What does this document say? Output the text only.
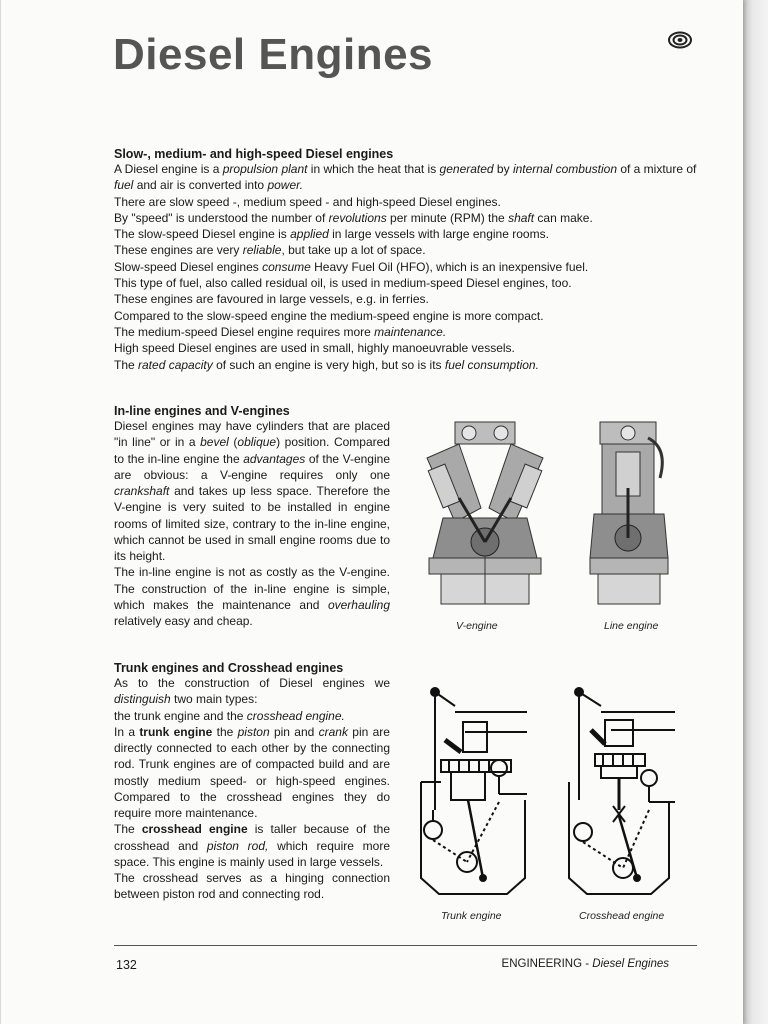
Diesel Engines

Slow-, medium- and high-speed Diesel engines

A Diesel engine is a propulsion plant in which the heat that is generated by internal combustion of a mixture of fuel and air is converted into power.

There are slow speed -, medium speed - and high-speed Diesel engines.

By "speed" is understood the number of revolutions per minute (RPM) the shaft can make.

The slow-speed Diesel engine is applied in large vessels with large engine rooms.

These engines are very reliable, but take up a lot of space.

Slow-speed Diesel engines consume Heavy Fuel Oil (HFO), which is an inexpensive fuel.

This type of fuel, also called residual oil, is used in medium-speed Diesel engines, too.

These engines are favoured in large vessels, e.g. in ferries.

Compared to the slow-speed engine the medium-speed engine is more compact.

The medium-speed Diesel engine requires more maintenance.

High speed Diesel engines are used in small, highly manoeuvrable vessels.

The rated capacity of such an engine is very high, but so is its fuel consumption.

In-line engines and V-engines

Diesel engines may have cylinders that are placed "in line" or in a bevel (oblique) position. Compared to the in-line engine the advantages of the V-engine are obvious: a V-engine requires only one crankshaft and takes up less space. Therefore the V-engine is very suited to be installed in engine rooms of limited size, contrary to the in-line engine, which cannot be used in small engine rooms due to its height.

The in-line engine is not as costly as the V-engine. The construction of the in-line engine is simple, which makes the maintenance and overhauling relatively easy and cheap.	V-engine	Line engine

Trunk engines and Crosshead engines

As to the construction of Diesel engines we distinguish two main types:

the trunk engine and the crosshead engine.

In a trunk engine the piston pin and crank pin are directly connected to each other by the connecting rod. Trunk engines are of compacted build and are mostly medium speed- or high-speed engines. Compared to the crosshead engines they do require more maintenance.

The crosshead engine is taller because of the crosshead and piston rod, which require more space. This engine is mainly used in large vessels.

The crosshead serves as a hinging connection between piston rod and connecting rod.

Trunk engine	Crosshead engine
132	ENGINEERING - Diesel Engines
